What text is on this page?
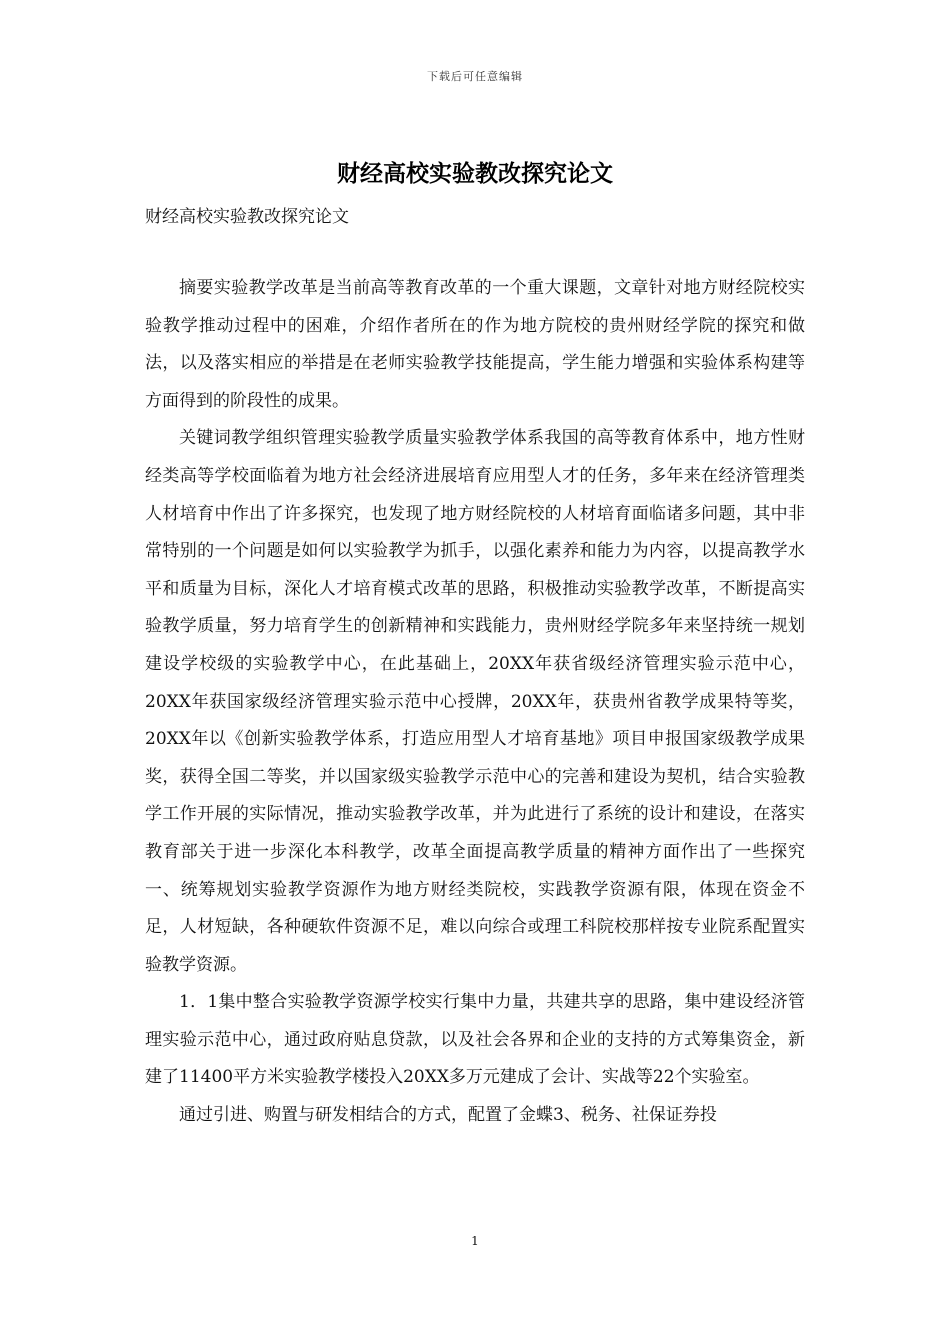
下载后可任意编辑
财经高校实验教改探究论文
财经高校实验教改探究论文

摘要实验教学改革是当前高等教育改革的一个重大课题，文章针对地方财经院校实验教学推动过程中的困难，介绍作者所在的作为地方院校的贵州财经学院的探究和做法，以及落实相应的举措是在老师实验教学技能提高，学生能力增强和实验体系构建等方面得到的阶段性的成果。

关键词教学组织管理实验教学质量实验教学体系我国的高等教育体系中，地方性财经类高等学校面临着为地方社会经济进展培育应用型人才的任务，多年来在经济管理类人材培育中作出了许多探究，也发现了地方财经院校的人材培育面临诸多问题，其中非常特别的一个问题是如何以实验教学为抓手，以强化素养和能力为内容，以提高教学水平和质量为目标，深化人才培育模式改革的思路，积极推动实验教学改革，不断提高实验教学质量，努力培育学生的创新精神和实践能力，贵州财经学院多年来坚持统一规划建设学校级的实验教学中心，在此基础上，20XX年获省级经济管理实验示范中心，20XX年获国家级经济管理实验示范中心授牌，20XX年，获贵州省教学成果特等奖，20XX年以《创新实验教学体系，打造应用型人才培育基地》项目申报国家级教学成果奖，获得全国二等奖，并以国家级实验教学示范中心的完善和建设为契机，结合实验教学工作开展的实际情况，推动实验教学改革，并为此进行了系统的设计和建设，在落实教育部关于进一步深化本科教学，改革全面提高教学质量的精神方面作出了一些探究一、统筹规划实验教学资源作为地方财经类院校，实践教学资源有限，体现在资金不足，人材短缺，各种硬软件资源不足，难以向综合或理工科院校那样按专业院系配置实验教学资源。

1．1集中整合实验教学资源学校实行集中力量，共建共享的思路，集中建设经济管理实验示范中心，通过政府贴息贷款，以及社会各界和企业的支持的方式筹集资金，新建了11400平方米实验教学楼投入20XX多万元建成了会计、实战等22个实验室。

通过引进、购置与研发相结合的方式，配置了金蝶3、税务、社保证券投

1
